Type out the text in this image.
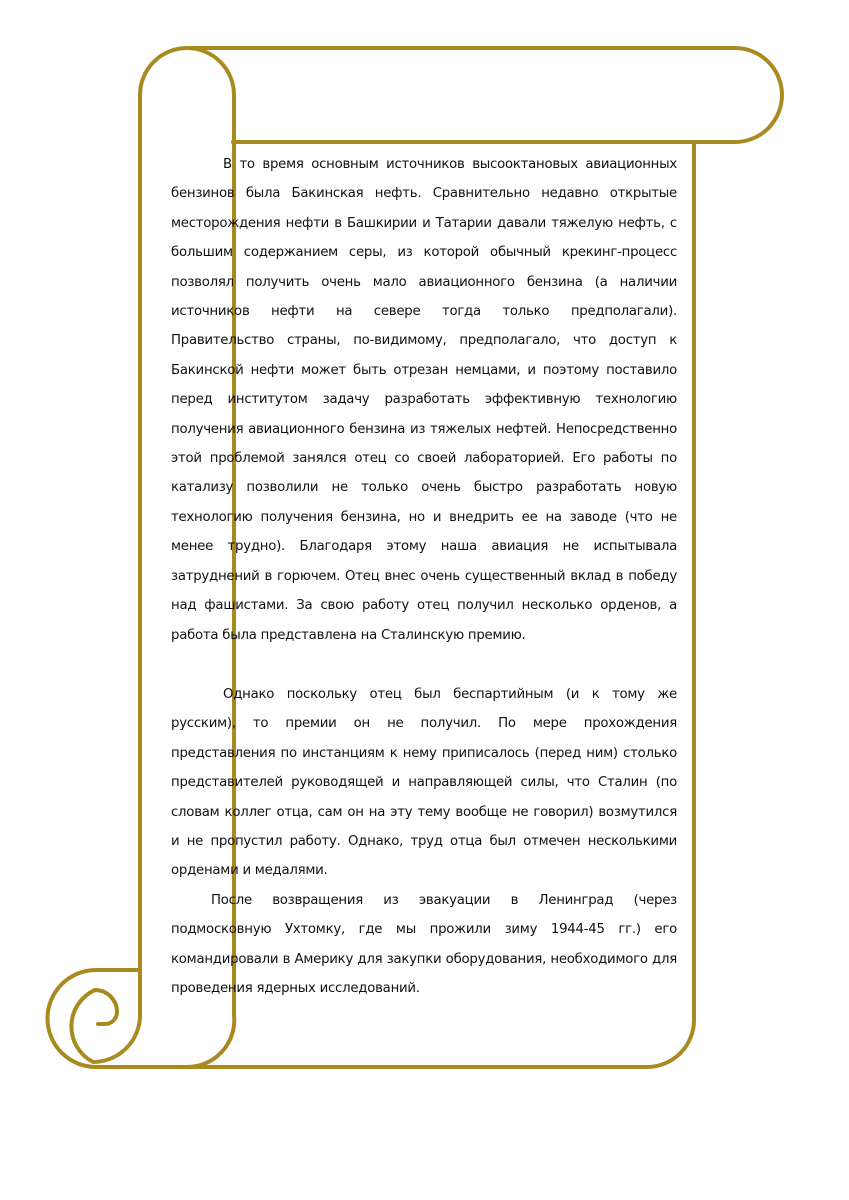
В то время основным источников высооктановых авиационных бензинов была Бакинская нефть. Сравнительно недавно открытые месторождения нефти в Башкирии и Татарии давали тяжелую нефть, с большим содержанием серы, из которой обычный крекинг-процесс позволял получить очень мало авиационного бензина (а наличии источников нефти на севере тогда только предполагали). Правительство страны, по-видимому, предполагало, что доступ к Бакинской нефти может быть отрезан немцами, и поэтому поставило перед институтом задачу разработать эффективную технологию получения авиационного бензина из тяжелых нефтей. Непосредственно этой проблемой занялся отец со своей лабораторией. Его работы по катализу позволили не только очень быстро разработать новую технологию получения бензина, но и внедрить ее на заводе (что не менее трудно). Благодаря этому наша авиация не испытывала затруднений в горючем. Отец внес очень существенный вклад в победу над фашистами. За свою работу отец получил несколько орденов, а работа была представлена на Сталинскую премию.

Однако поскольку отец был беспартийным (и к тому же русским), то премии он не получил. По мере прохождения представления по инстанциям к нему приписалось (перед ним) столько представителей руководящей и направляющей силы, что Сталин (по словам коллег отца, сам он на эту тему вообще не говорил) возмутился и не пропустил работу. Однако, труд отца был отмечен несколькими орденами и медалями.

После возвращения из эвакуации в Ленинград (через подмосковную Ухтомку, где мы прожили зиму 1944-45 гг.) его командировали в Америку для закупки оборудования, необходимого для проведения ядерных исследований.
